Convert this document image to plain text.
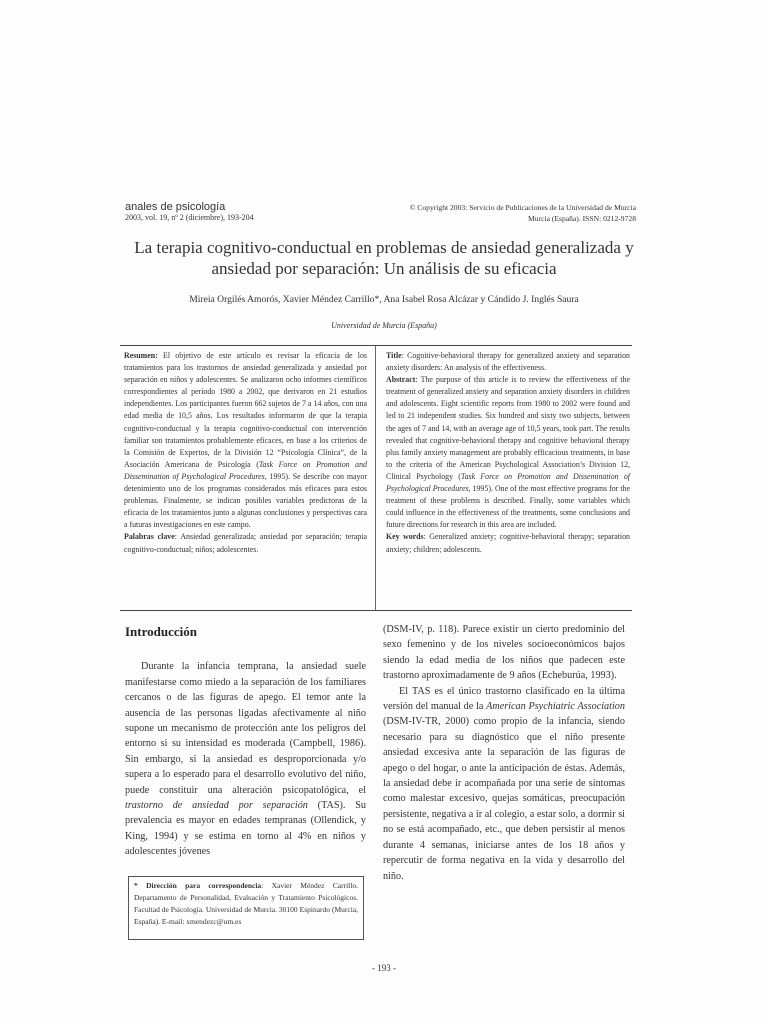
anales de psicología
2003, vol. 19, nº 2 (diciembre), 193-204
© Copyright 2003: Servicio de Publicaciones de la Universidad de Murcia
Murcia (España). ISSN: 0212-9728
La terapia cognitivo-conductual en problemas de ansiedad generalizada y ansiedad por separación: Un análisis de su eficacia
Mireia Orgilés Amorós, Xavier Méndez Carrillo*, Ana Isabel Rosa Alcázar y Cándido J. Inglés Saura
Universidad de Murcia (España)

Resumen: El objetivo de este artículo es revisar la eficacia de los tratamientos para los trastornos de ansiedad generalizada y ansiedad por separación en niños y adolescentes. Se analizaron ocho informes científicos correspondientes al período 1980 a 2002, que derivaron en 21 estudios independientes. Los participantes fueron 662 sujetos de 7 a 14 años, con una edad media de 10,5 años. Los resultados informaron de que la terapia cognitivo-conductual y la terapia cognitivo-conductual con intervención familiar son tratamientos probablemente eficaces, en base a los criterios de la Comisión de Expertos, de la División 12 “Psicología Clínica”, de la Asociación Americana de Psicología (Task Force on Promotion and Dissemination of Psychological Procedures, 1995). Se describe con mayor detenimiento uno de los programas considerados más eficaces para estos problemas. Finalmente, se indican posibles variables predictoras de la eficacia de los tratamientos junto a algunas conclusiones y perspectivas cara a futuras investigaciones en este campo.

Palabras clave: Ansiedad generalizada; ansiedad por separación; terapia cognitivo-conductual; niños; adolescentes.

Title: Cognitive-behavioral therapy for generalized anxiety and separation anxiety disorders: An analysis of the effectiveness.

Abstract: The purpose of this article is to review the effectiveness of the treatment of generalized anxiety and separation anxiety disorders in children and adolescents. Eight scientific reports from 1980 to 2002 were found and led to 21 independent studies. Six hundred and sixty two subjects, between the ages of 7 and 14, with an average age of 10,5 years, took part. The results revealed that cognitive-behavioral therapy and cognitive behavioral therapy plus family anxiety management are probably efficacious treatments, in base to the criteria of the American Psychological Association’s Division 12, Clinical Psychology (Task Force on Promotion and Dissemination of Psychological Procedures, 1995). One of the most effective programs for the treatment of these problems is described. Finally, some variables which could influence in the effectiveness of the treatments, some conclusions and future directions for research in this area are included.

Key words: Generalized anxiety; cognitive-behavioral therapy; separation anxiety; children; adolescents.

Introducción

Durante la infancia temprana, la ansiedad suele manifestarse como miedo a la separación de los familiares cercanos o de las figuras de apego. El temor ante la ausencia de las personas ligadas afectivamente al niño supone un mecanismo de protección ante los peligros del entorno si su intensidad es moderada (Campbell, 1986). Sin embargo, si la ansiedad es desproporcionada y/o supera a lo esperado para el desarrollo evolutivo del niño, puede constituir una alteración psicopatológica, el trastorno de ansiedad por separación (TAS). Su prevalencia es mayor en edades tempranas (Ollendick, y King, 1994) y se estima en torno al 4% en niños y adolescentes jóvenes

* Dirección para correspondencia: Xavier Méndez Carrillo. Departamento de Personalidad, Evaluación y Tratamiento Psicológicos. Facultad de Psicología. Universidad de Murcia. 30100 Espinardo (Murcia, España). E-mail: xmendezc@um.es

(DSM-IV, p. 118). Parece existir un cierto predominio del sexo femenino y de los niveles socioeconómicos bajos siendo la edad media de los niños que padecen este trastorno aproximadamente de 9 años (Echeburúa, 1993).

El TAS es el único trastorno clasificado en la última versión del manual de la American Psychiatric Association (DSM-IV-TR, 2000) como propio de la infancia, siendo necesario para su diagnóstico que el niño presente ansiedad excesiva ante la separación de las figuras de apego o del hogar, o ante la anticipación de éstas. Además, la ansiedad debe ir acompañada por una serie de síntomas como malestar excesivo, quejas somáticas, preocupación persistente, negativa a ir al colegio, a estar solo, a dormir si no se está acompañado, etc., que deben persistir al menos durante 4 semanas, iniciarse antes de los 18 años y repercutir de forma negativa en la vida y desarrollo del niño.

- 193 -
